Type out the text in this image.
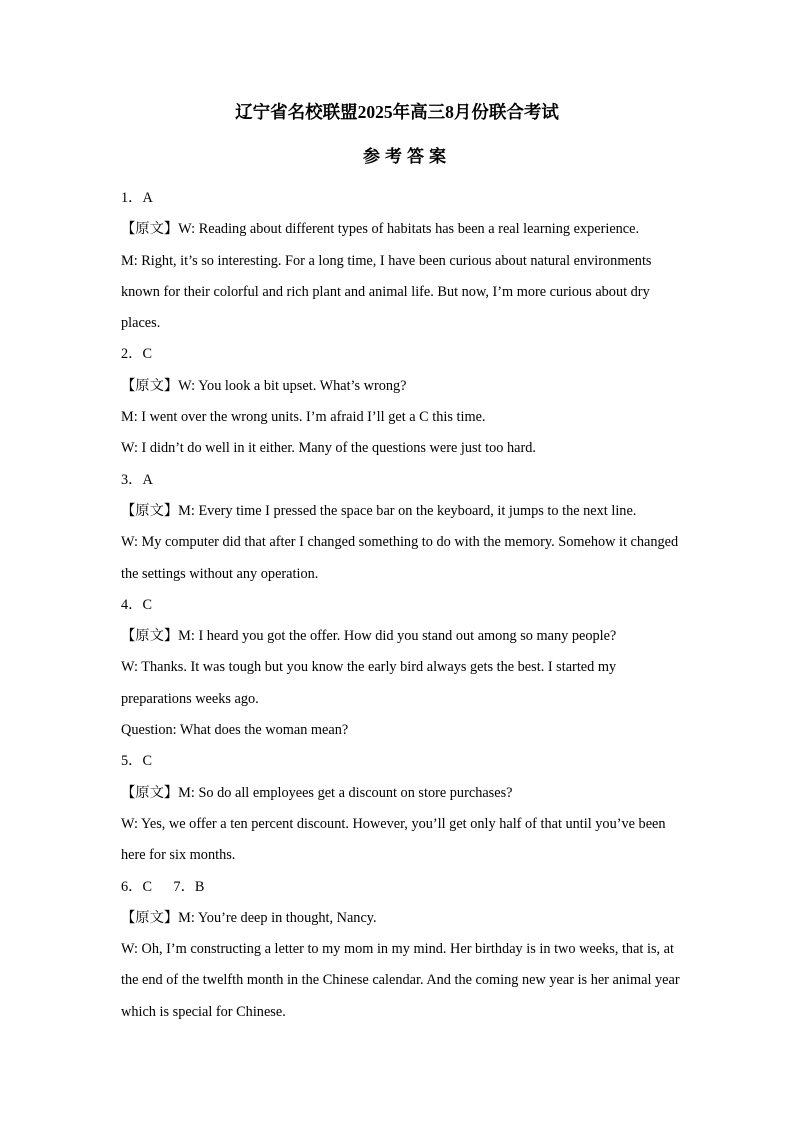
辽宁省名校联盟2025年高三8月份联合考试
参考答案
1．A
【原文】W: Reading about different types of habitats has been a real learning experience.
M: Right, it’s so interesting. For a long time, I have been curious about natural environments
known for their colorful and rich plant and animal life. But now, I’m more curious about dry
places.
2．C
【原文】W: You look a bit upset. What’s wrong?
M: I went over the wrong units. I’m afraid I’ll get a C this time.
W: I didn’t do well in it either. Many of the questions were just too hard.
3．A
【原文】M: Every time I pressed the space bar on the keyboard, it jumps to the next line.
W: My computer did that after I changed something to do with the memory. Somehow it changed
the settings without any operation.
4．C
【原文】M: I heard you got the offer. How did you stand out among so many people?
W: Thanks. It was tough but you know the early bird always gets the best. I started my
preparations weeks ago.
Question: What does the woman mean?
5．C
【原文】M: So do all employees get a discount on store purchases?
W: Yes, we offer a ten percent discount. However, you’ll get only half of that until you’ve been
here for six months.
6．C      7．B
【原文】M: You’re deep in thought, Nancy.
W: Oh, I’m constructing a letter to my mom in my mind. Her birthday is in two weeks, that is, at
the end of the twelfth month in the Chinese calendar. And the coming new year is her animal year
which is special for Chinese.
